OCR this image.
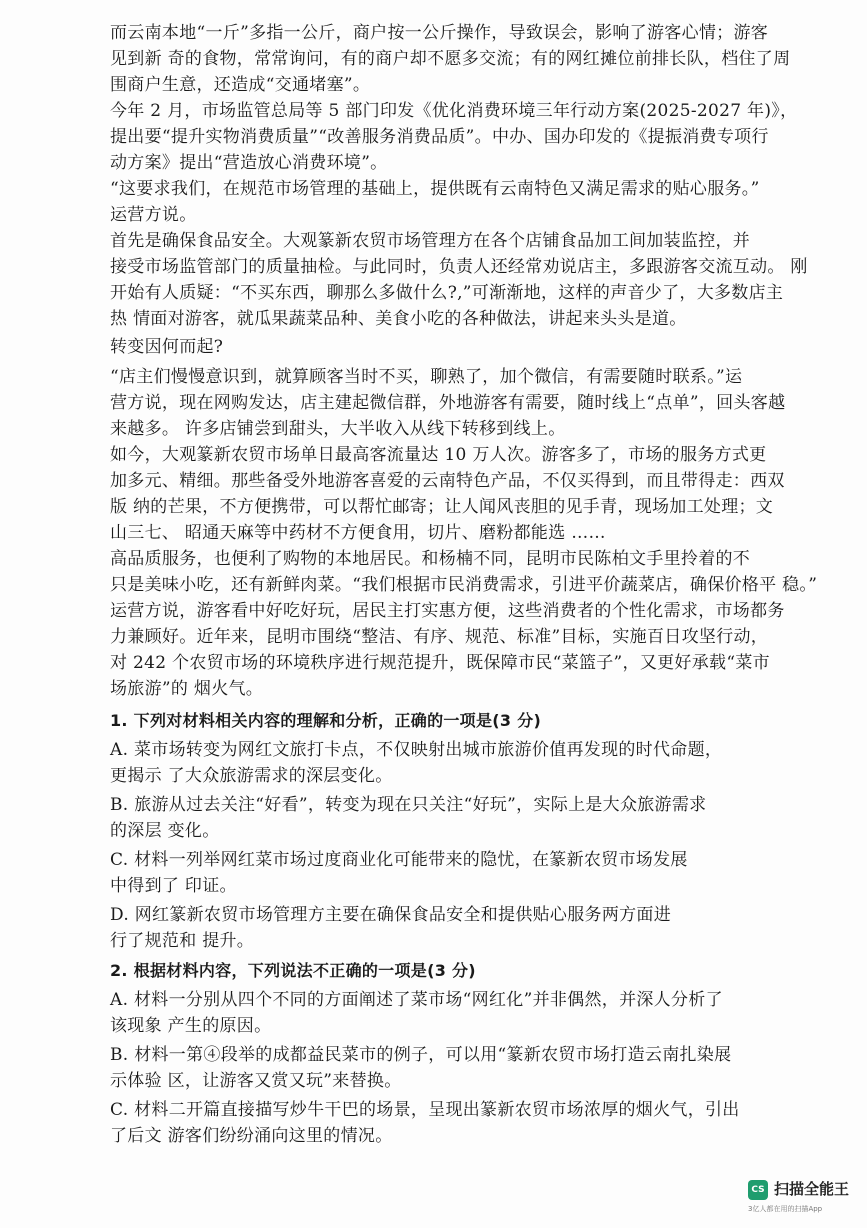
而云南本地“一斤”多指一公斤，商户按一公斤操作，导致误会，影响了游客心情；游客
见到新 奇的食物，常常询问，有的商户却不愿多交流；有的网红摊位前排长队，档住了周
围商户生意，还造成“交通堵塞”。
今年 2 月，市场监管总局等 5 部门印发《优化消费环境三年行动方案(2025-2027 年)》，
提出要“提升实物消费质量”“改善服务消费品质”。中办、国办印发的《提振消费专项行
动方案》提出“营造放心消费环境”。
“这要求我们，在规范市场管理的基础上，提供既有云南特色又满足需求的贴心服务。”
运营方说。
首先是确保食品安全。大观篆新农贸市场管理方在各个店铺食品加工间加装监控，并
接受市场监管部门的质量抽检。与此同时，负责人还经常劝说店主，多跟游客交流互动。 刚
开始有人质疑：“不买东西，聊那么多做什么?,”可渐渐地，这样的声音少了，大多数店主
热 情面对游客，就瓜果蔬菜品种、美食小吃的各种做法，讲起来头头是道。
转变因何而起?
“店主们慢慢意识到，就算顾客当时不买，聊熟了，加个微信，有需要随时联系。”运
营方说，现在网购发达，店主建起微信群，外地游客有需要，随时线上“点单”，回头客越
来越多。 许多店铺尝到甜头，大半收入从线下转移到线上。
如今，大观篆新农贸市场单日最高客流量达 10 万人次。游客多了，市场的服务方式更
加多元、精细。那些备受外地游客喜爱的云南特色产品，不仅买得到，而且带得走：西双
版 纳的芒果，不方便携带，可以帮忙邮寄；让人闻风丧胆的见手青，现场加工处理；文
山三七、 昭通天麻等中药材不方便食用，切片、磨粉都能选 ……
高品质服务，也便利了购物的本地居民。和杨楠不同，昆明市民陈柏文手里拎着的不
只是美味小吃，还有新鲜肉菜。“我们根据市民消费需求，引进平价蔬菜店，确保价格平 稳。”
运营方说，游客看中好吃好玩，居民主打实惠方便，这些消费者的个性化需求，市场都务
力兼顾好。近年来，昆明市围绕“整洁、有序、规范、标准”目标，实施百日攻坚行动，
对 242 个农贸市场的环境秩序进行规范提升，既保障市民“菜篮子”，又更好承载“菜市
场旅游”的 烟火气。
1. 下列对材料相关内容的理解和分析，正确的一项是(3 分)
A. 菜市场转变为网红文旅打卡点，不仅映射出城市旅游价值再发现的时代命题，
更揭示 了大众旅游需求的深层变化。
B. 旅游从过去关注“好看”，转变为现在只关注“好玩”，实际上是大众旅游需求
的深层 变化。
C. 材料一列举网红菜市场过度商业化可能带来的隐忧，在篆新农贸市场发展
中得到了 印证。
D. 网红篆新农贸市场管理方主要在确保食品安全和提供贴心服务两方面进
行了规范和 提升。
2. 根据材料内容，下列说法不正确的一项是(3 分)
A. 材料一分别从四个不同的方面阐述了菜市场“网红化”并非偶然，并深人分析了
该现象 产生的原因。
B. 材料一第④段举的成都益民菜市的例子，可以用“篆新农贸市场打造云南扎染展
示体验 区，让游客又赏又玩”来替换。
C. 材料二开篇直接描写炒牛干巴的场景，呈现出篆新农贸市场浓厚的烟火气，引出
了后文 游客们纷纷涌向这里的情况。
CS 扫描全能王
3亿人都在用的扫描App
